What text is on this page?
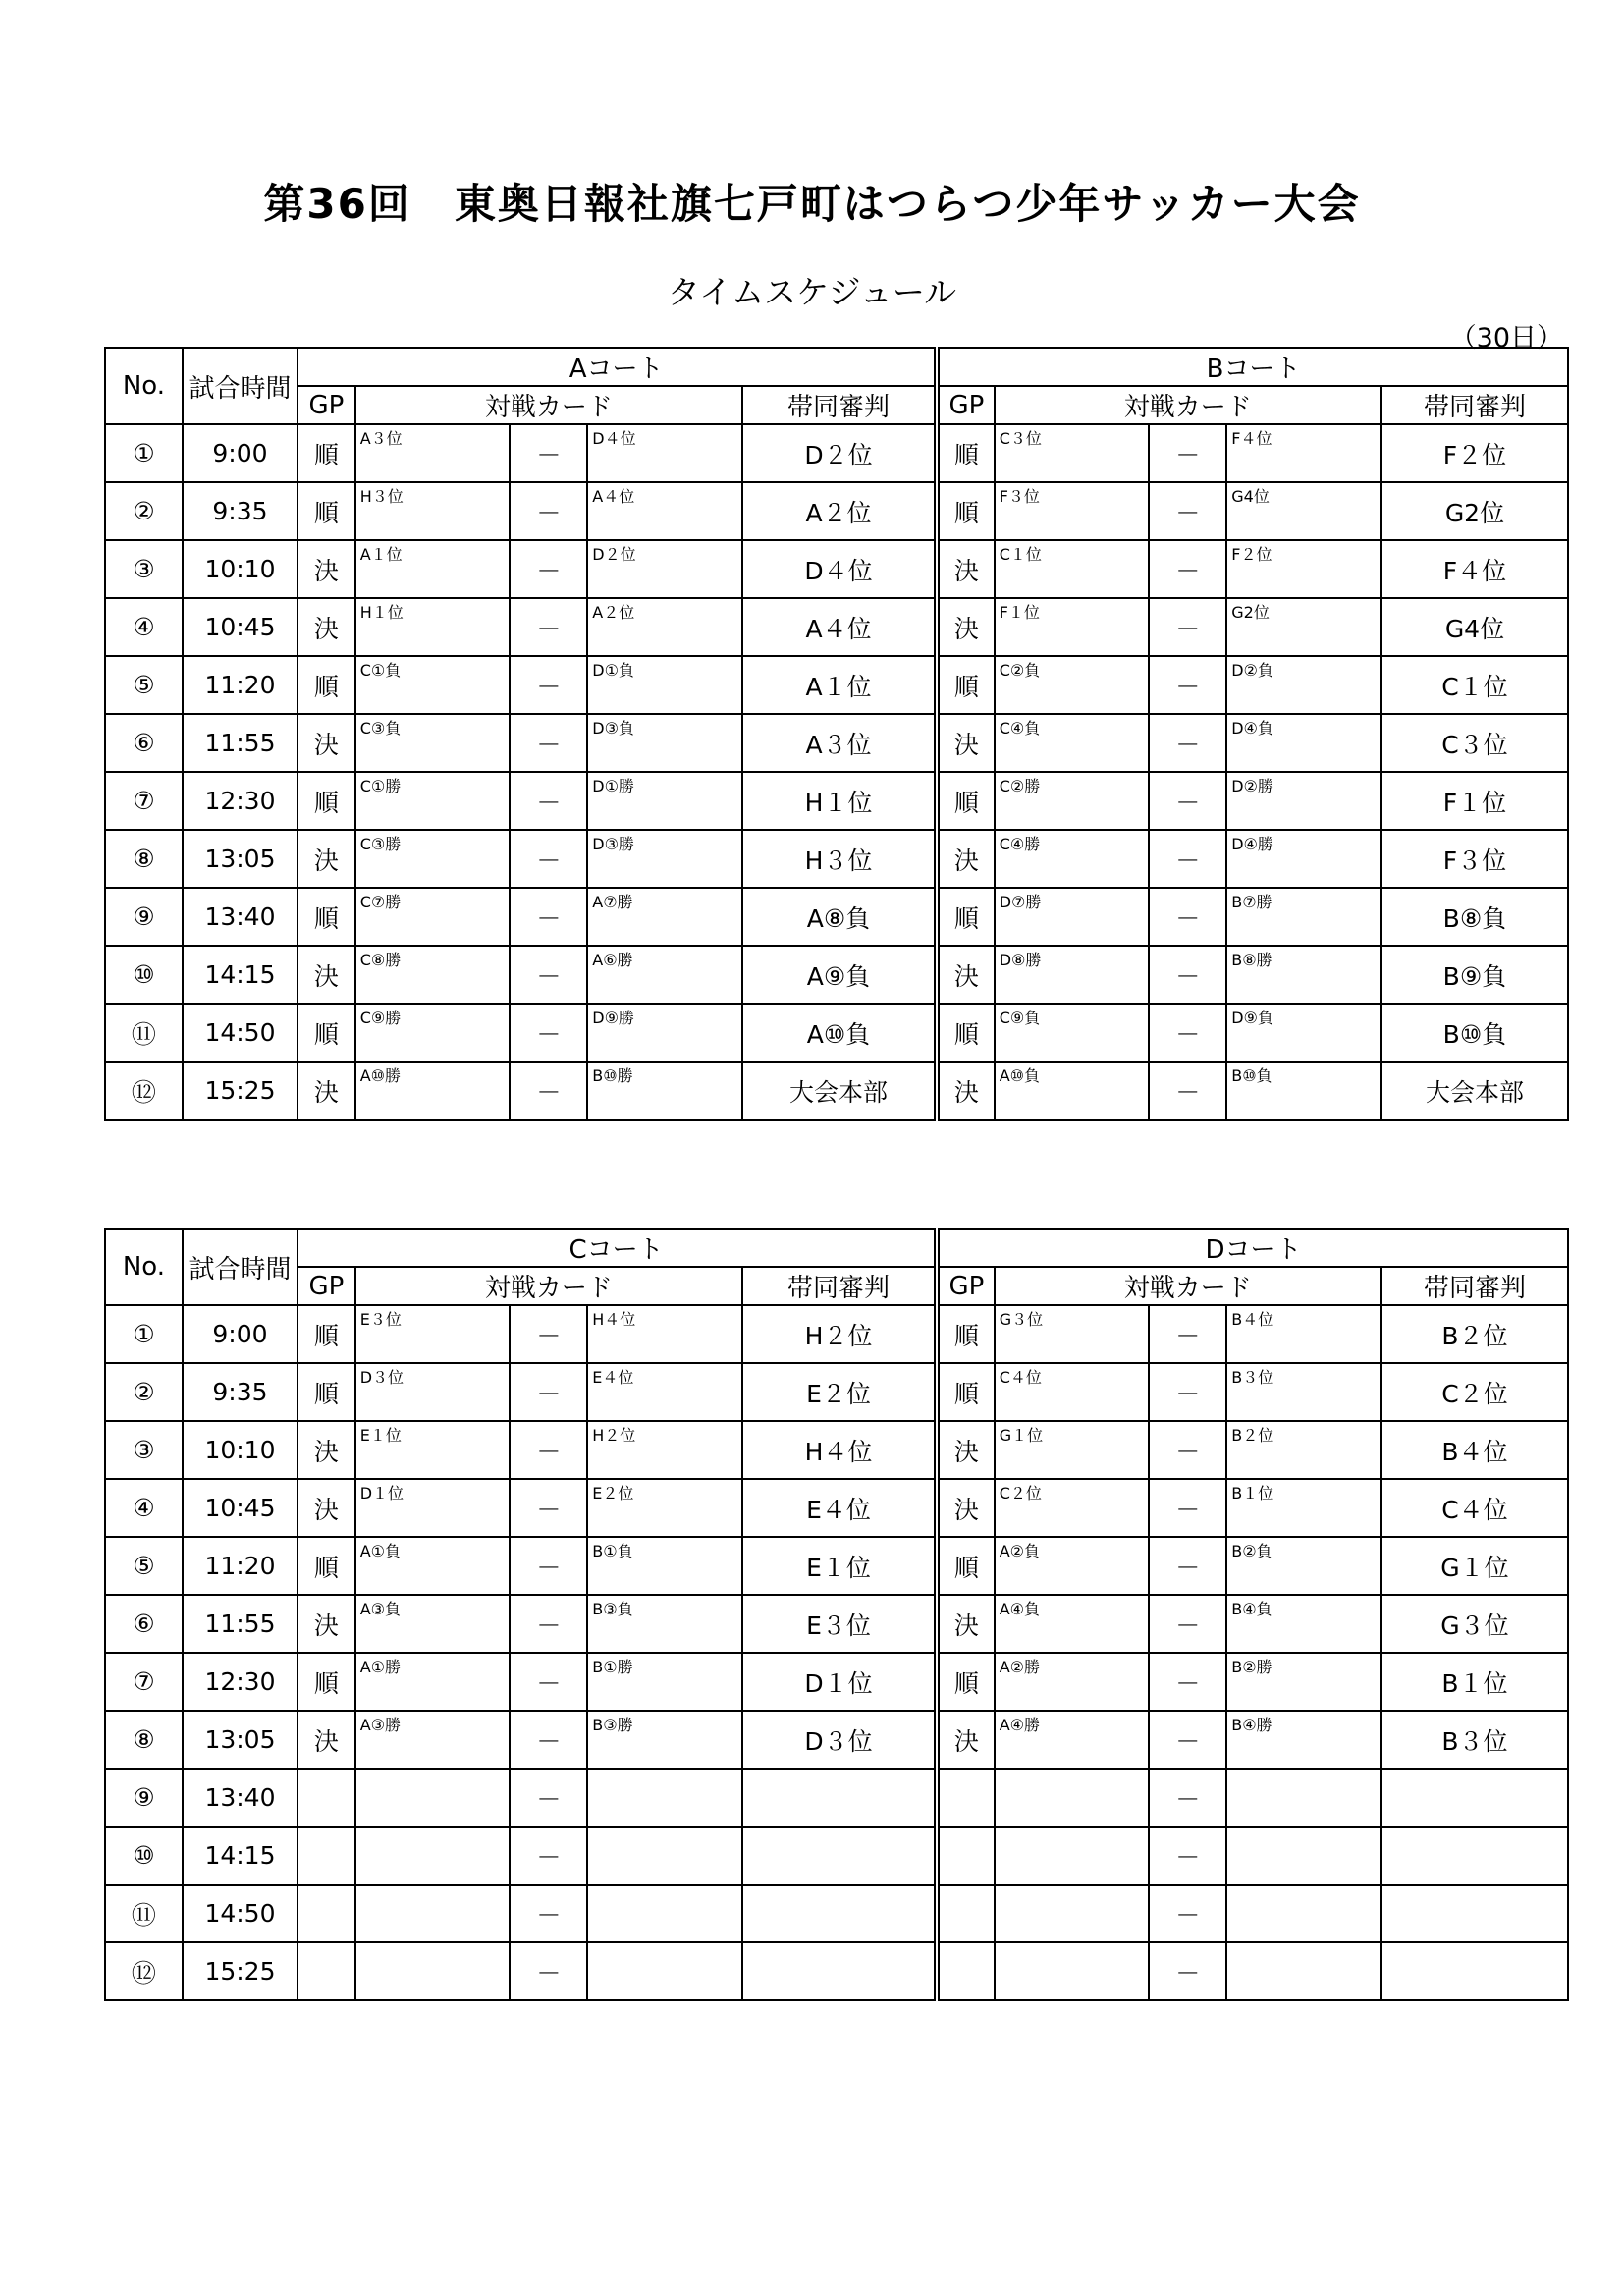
第36回　東奥日報社旗七戸町はつらつ少年サッカー大会
タイムスケジュール
（30日）
No.	試合時間	Aコート					Bコート				
		GP	対戦カード			帯同審判	GP	対戦カード			帯同審判
①	9:00	順	A３位	－	D４位	D２位	順	C３位	－	F４位	F２位
②	9:35	順	H３位	－	A４位	A２位	順	F３位	－	G4位	G2位
③	10:10	決	A１位	－	D２位	D４位	決	C１位	－	F２位	F４位
④	10:45	決	H１位	－	A２位	A４位	決	F１位	－	G2位	G4位
⑤	11:20	順	C①負	－	D①負	A１位	順	C②負	－	D②負	C１位
⑥	11:55	決	C③負	－	D③負	A３位	決	C④負	－	D④負	C３位
⑦	12:30	順	C①勝	－	D①勝	H１位	順	C②勝	－	D②勝	F１位
⑧	13:05	決	C③勝	－	D③勝	H３位	決	C④勝	－	D④勝	F３位
⑨	13:40	順	C⑦勝	－	A⑦勝	A⑧負	順	D⑦勝	－	B⑦勝	B⑧負
⑩	14:15	決	C⑧勝	－	A⑥勝	A⑨負	決	D⑧勝	－	B⑧勝	B⑨負
⑪	14:50	順	C⑨勝	－	D⑨勝	A⑩負	順	C⑨負	－	D⑨負	B⑩負
⑫	15:25	決	A⑩勝	－	B⑩勝	大会本部	決	A⑩負	－	B⑩負	大会本部
No.	試合時間	Cコート					Dコート				
		GP	対戦カード			帯同審判	GP	対戦カード			帯同審判
①	9:00	順	E３位	－	H４位	H２位	順	G３位	－	B４位	B２位
②	9:35	順	D３位	－	E４位	E２位	順	C４位	－	B３位	C２位
③	10:10	決	E１位	－	H２位	H４位	決	G１位	－	B２位	B４位
④	10:45	決	D１位	－	E２位	E４位	決	C２位	－	B１位	C４位
⑤	11:20	順	A①負	－	B①負	E１位	順	A②負	－	B②負	G１位
⑥	11:55	決	A③負	－	B③負	E３位	決	A④負	－	B④負	G３位
⑦	12:30	順	A①勝	－	B①勝	D１位	順	A②勝	－	B②勝	B１位
⑧	13:05	決	A③勝	－	B③勝	D３位	決	A④勝	－	B④勝	B３位
⑨	13:40			－					－	

⑩	14:15			－					－	

⑪	14:50			－					－	

⑫	15:25			－					－	
